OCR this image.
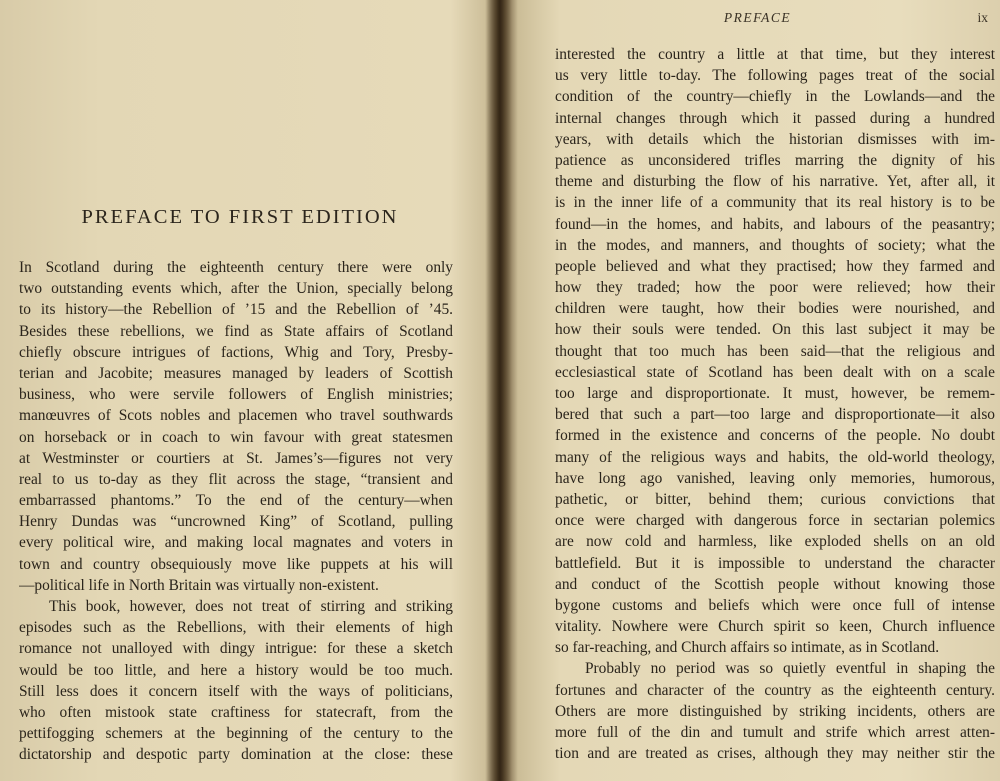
PREFACE TO FIRST EDITION
In Scotland during the eighteenth century there were only
two outstanding events which, after the Union, specially belong
to its history—the Rebellion of ’15 and the Rebellion of ’45.
Besides these rebellions, we find as State affairs of Scotland
chiefly obscure intrigues of factions, Whig and Tory, Presby-
terian and Jacobite; measures managed by leaders of Scottish
business, who were servile followers of English ministries;
manœuvres of Scots nobles and placemen who travel southwards
on horseback or in coach to win favour with great statesmen
at Westminster or courtiers at St. James’s—figures not very
real to us to-day as they flit across the stage, “transient and
embarrassed phantoms.” To the end of the century—when
Henry Dundas was “uncrowned King” of Scotland, pulling
every political wire, and making local magnates and voters in
town and country obsequiously move like puppets at his will
—political life in North Britain was virtually non-existent.
This book, however, does not treat of stirring and striking
episodes such as the Rebellions, with their elements of high
romance not unalloyed with dingy intrigue: for these a sketch
would be too little, and here a history would be too much.
Still less does it concern itself with the ways of politicians,
who often mistook state craftiness for statecraft, from the
pettifogging schemers at the beginning of the century to the
dictatorship and despotic party domination at the close: these
PREFACE	ix
interested the country a little at that time, but they interest
us very little to-day. The following pages treat of the social
condition of the country—chiefly in the Lowlands—and the
internal changes through which it passed during a hundred
years, with details which the historian dismisses with im-
patience as unconsidered trifles marring the dignity of his
theme and disturbing the flow of his narrative. Yet, after all, it
is in the inner life of a community that its real history is to be
found—in the homes, and habits, and labours of the peasantry;
in the modes, and manners, and thoughts of society; what the
people believed and what they practised; how they farmed and
how they traded; how the poor were relieved; how their
children were taught, how their bodies were nourished, and
how their souls were tended. On this last subject it may be
thought that too much has been said—that the religious and
ecclesiastical state of Scotland has been dealt with on a scale
too large and disproportionate. It must, however, be remem-
bered that such a part—too large and disproportionate—it also
formed in the existence and concerns of the people. No doubt
many of the religious ways and habits, the old-world theology,
have long ago vanished, leaving only memories, humorous,
pathetic, or bitter, behind them; curious convictions that
once were charged with dangerous force in sectarian polemics
are now cold and harmless, like exploded shells on an old
battlefield. But it is impossible to understand the character
and conduct of the Scottish people without knowing those
bygone customs and beliefs which were once full of intense
vitality. Nowhere were Church spirit so keen, Church influence
so far-reaching, and Church affairs so intimate, as in Scotland.
Probably no period was so quietly eventful in shaping the
fortunes and character of the country as the eighteenth century.
Others are more distinguished by striking incidents, others are
more full of the din and tumult and strife which arrest atten-
tion and are treated as crises, although they may neither stir the
